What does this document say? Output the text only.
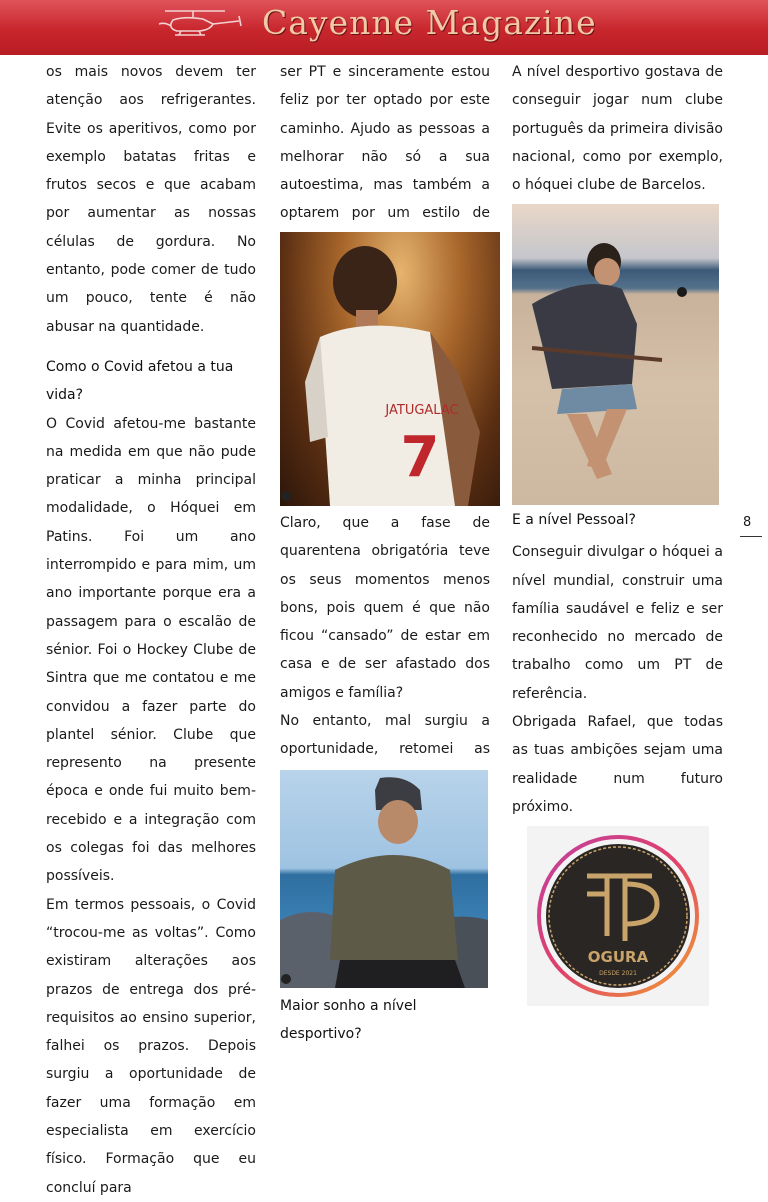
Cayenne Magazine

os mais novos devem ter atenção aos refrigerantes. Evite os aperitivos, como por exemplo batatas fritas e frutos secos e que acabam por aumentar as nossas células de gordura. No entanto, pode comer de tudo um pouco, tente é não abusar na quantidade.

Como o Covid afetou a tua vida?

O Covid afetou-me bastante na medida em que não pude praticar a minha principal modalidade, o Hóquei em Patins. Foi um ano interrompido e para mim, um ano importante porque era a passagem para o escalão de sénior. Foi o Hockey Clube de Sintra que me contatou e me convidou a fazer parte do plantel sénior. Clube que represento na presente época e onde fui muito bem-recebido e a integração com os colegas foi das melhores possíveis.

Em termos pessoais, o Covid “trocou-me as voltas”. Como existiram alterações aos prazos de entrega dos pré-requisitos ao ensino superior, falhei os prazos. Depois surgiu a oportunidade de fazer uma formação em especialista em exercício físico. Formação que eu concluí para

ser PT e sinceramente estou feliz por ter optado por este caminho. Ajudo as pessoas a melhorar não só a sua autoestima, mas também a optarem por um estilo de

JATUGALAC
7

Claro, que a fase de quarentena obrigatória teve os seus momentos menos bons, pois quem é que não ficou “cansado” de estar em casa e de ser afastado dos amigos e família?

No entanto, mal surgiu a oportunidade, retomei as

Maior sonho a nível desportivo?

A nível desportivo gostava de conseguir jogar num clube português da primeira divisão nacional, como por exemplo, o hóquei clube de Barcelos.

E a nível Pessoal?

Conseguir divulgar o hóquei a nível mundial, construir uma família saudável e feliz e ser reconhecido no mercado de trabalho como um PT de referência.

Obrigada Rafael, que todas as tuas ambições sejam uma realidade num futuro próximo.

OGURA
DESDE 2021
8
